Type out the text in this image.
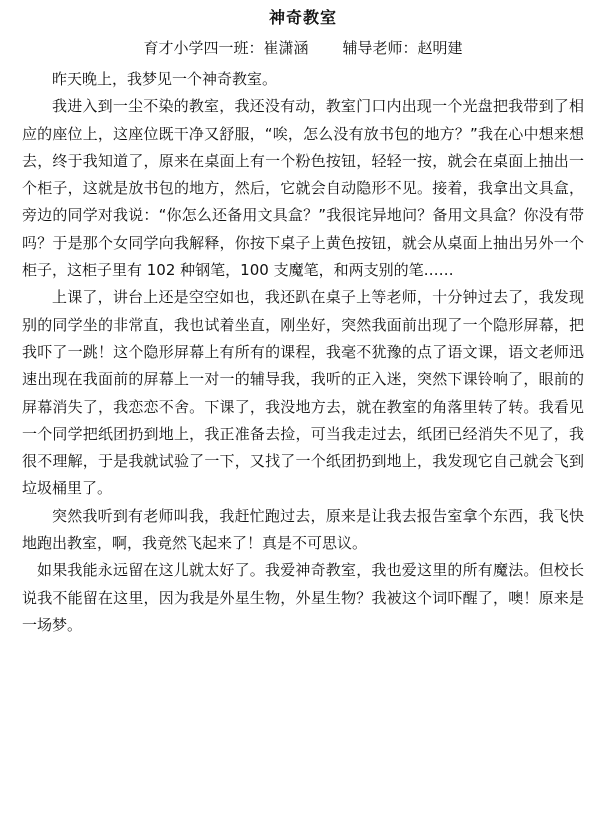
神奇教室
育才小学四一班：崔潇涵 辅导老师：赵明建

昨天晚上，我梦见一个神奇教室。

我进入到一尘不染的教室，我还没有动，教室门口内出现一个光盘把我带到了相应的座位上，这座位既干净又舒服，“唉，怎么没有放书包的地方？”我在心中想来想去，终于我知道了，原来在桌面上有一个粉色按钮，轻轻一按，就会在桌面上抽出一个柜子，这就是放书包的地方，然后，它就会自动隐形不见。接着，我拿出文具盒，旁边的同学对我说：“你怎么还备用文具盒？”我很诧异地问？备用文具盒？你没有带吗？于是那个女同学向我解释，你按下桌子上黄色按钮，就会从桌面上抽出另外一个柜子，这柜子里有 102 种钢笔，100 支魔笔，和两支别的笔……

上课了，讲台上还是空空如也，我还趴在桌子上等老师，十分钟过去了，我发现别的同学坐的非常直，我也试着坐直，刚坐好，突然我面前出现了一个隐形屏幕，把我吓了一跳！这个隐形屏幕上有所有的课程，我毫不犹豫的点了语文课，语文老师迅速出现在我面前的屏幕上一对一的辅导我，我听的正入迷，突然下课铃响了，眼前的屏幕消失了，我恋恋不舍。下课了，我没地方去，就在教室的角落里转了转。我看见一个同学把纸团扔到地上，我正准备去捡，可当我走过去，纸团已经消失不见了，我很不理解，于是我就试验了一下，又找了一个纸团扔到地上，我发现它自己就会飞到垃圾桶里了。

突然我听到有老师叫我，我赶忙跑过去，原来是让我去报告室拿个东西，我飞快地跑出教室，啊，我竟然飞起来了！真是不可思议。

如果我能永远留在这儿就太好了。我爱神奇教室，我也爱这里的所有魔法。但校长说我不能留在这里，因为我是外星生物，外星生物？我被这个词吓醒了，噢！原来是一场梦。
